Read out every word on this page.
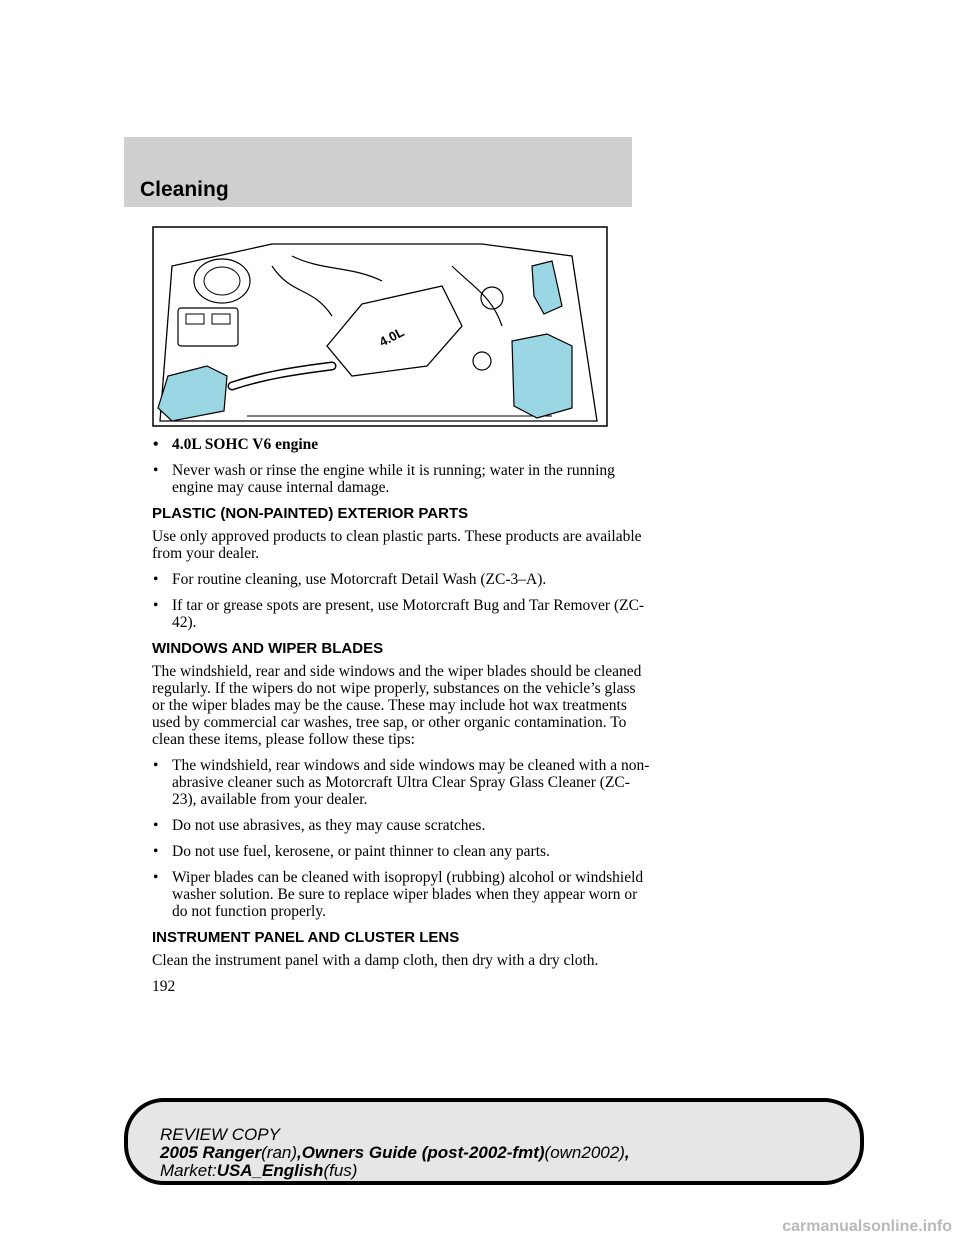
Cleaning
4.0L
• 4.0L SOHC V6 engine
• Never wash or rinse the engine while it is running; water in the running engine may cause internal damage.
PLASTIC (NON-PAINTED) EXTERIOR PARTS

Use only approved products to clean plastic parts. These products are available from your dealer.

• For routine cleaning, use Motorcraft Detail Wash (ZC-3–A).
• If tar or grease spots are present, use Motorcraft Bug and Tar Remover (ZC-42).
WINDOWS AND WIPER BLADES

The windshield, rear and side windows and the wiper blades should be cleaned regularly. If the wipers do not wipe properly, substances on the vehicle’s glass or the wiper blades may be the cause. These may include hot wax treatments used by commercial car washes, tree sap, or other organic contamination. To clean these items, please follow these tips:

• The windshield, rear windows and side windows may be cleaned with a non-abrasive cleaner such as Motorcraft Ultra Clear Spray Glass Cleaner (ZC-23), available from your dealer.
• Do not use abrasives, as they may cause scratches.
• Do not use fuel, kerosene, or paint thinner to clean any parts.
• Wiper blades can be cleaned with isopropyl (rubbing) alcohol or windshield washer solution. Be sure to replace wiper blades when they appear worn or do not function properly.
INSTRUMENT PANEL AND CLUSTER LENS

Clean the instrument panel with a damp cloth, then dry with a dry cloth.

192
REVIEW COPY
2005 Ranger(ran),Owners Guide (post-2002-fmt)(own2002),
Market:USA_English(fus)
carmanualsonline.info
